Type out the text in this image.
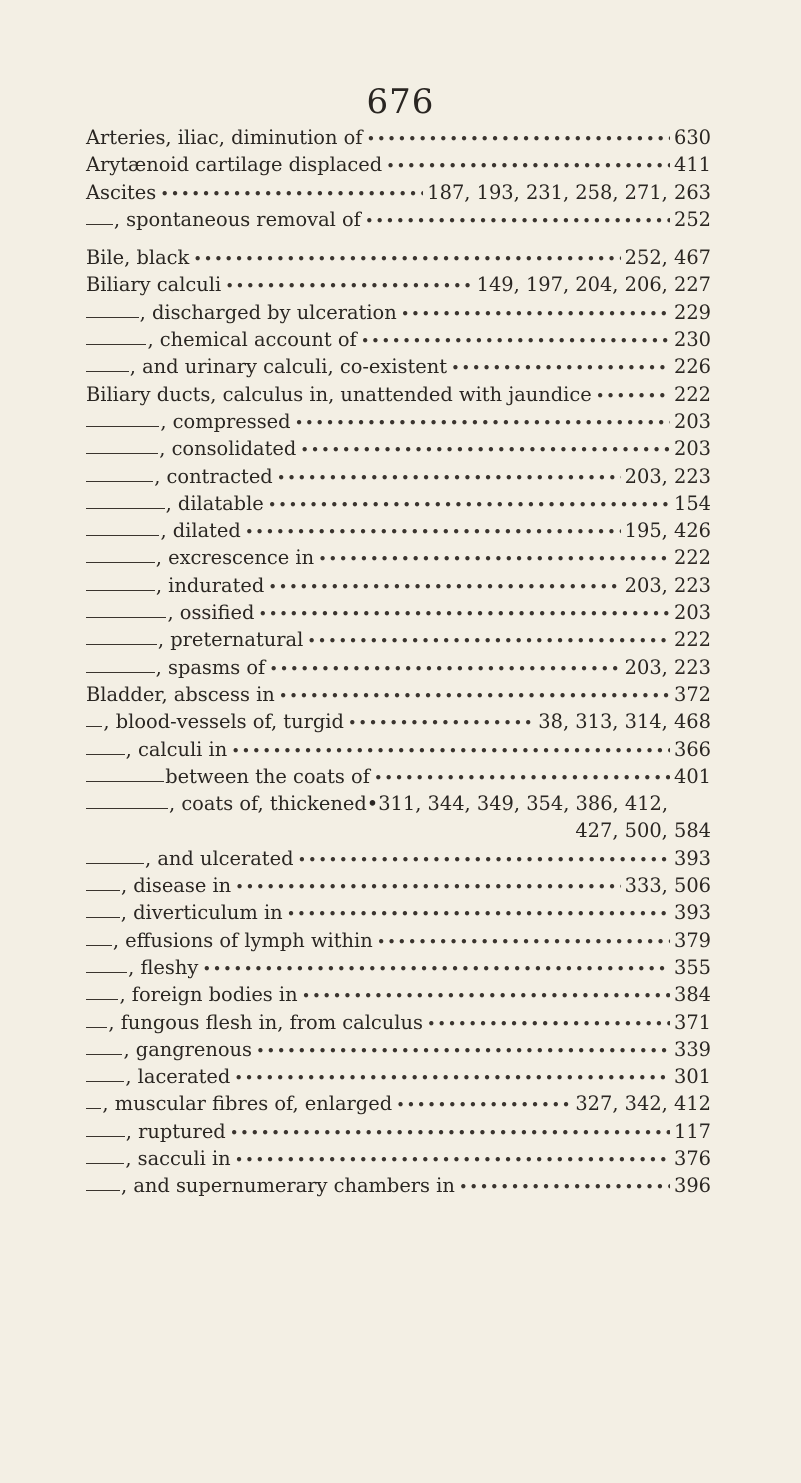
676
Arteries, iliac, diminution of •••••	630
Arytænoid cartilage displaced •••••	411
Ascites •••••	187, 193, 231, 258, 271, 263
, spontaneous removal of •••••	252
Bile, black •••••	252, 467
Biliary calculi •••••	149, 197, 204, 206, 227
, discharged by ulceration •••••	229
, chemical account of •••••	230
, and urinary calculi, co-existent •••••	226
Biliary ducts, calculus in, unattended with jaundice •••••	222
, compressed •••••	203
, consolidated •••••	203
, contracted •••••	203, 223
, dilatable •••••	154
, dilated •••••	195, 426
, excrescence in •••••	222
, indurated •••••	203, 223
, ossified •••••	203
, preternatural •••••	222
, spasms of •••••	203, 223
Bladder, abscess in •••••	372
, blood-vessels of, turgid •••••	38, 313, 314, 468
, calculi in •••••	366
between the coats of •••••	401
, coats of, thickened•311, 344, 349, 354, 386, 412,
427, 500, 584
, and ulcerated •••••	393
, disease in •••••	333, 506
, diverticulum in •••••	393
, effusions of lymph within •••••	379
, fleshy •••••	355
, foreign bodies in •••••	384
, fungous flesh in, from calculus •••••	371
, gangrenous •••••	339
, lacerated •••••	301
, muscular fibres of, enlarged •••••	327, 342, 412
, ruptured •••••	117
, sacculi in •••••	376
, and supernumerary chambers in •••••	396
